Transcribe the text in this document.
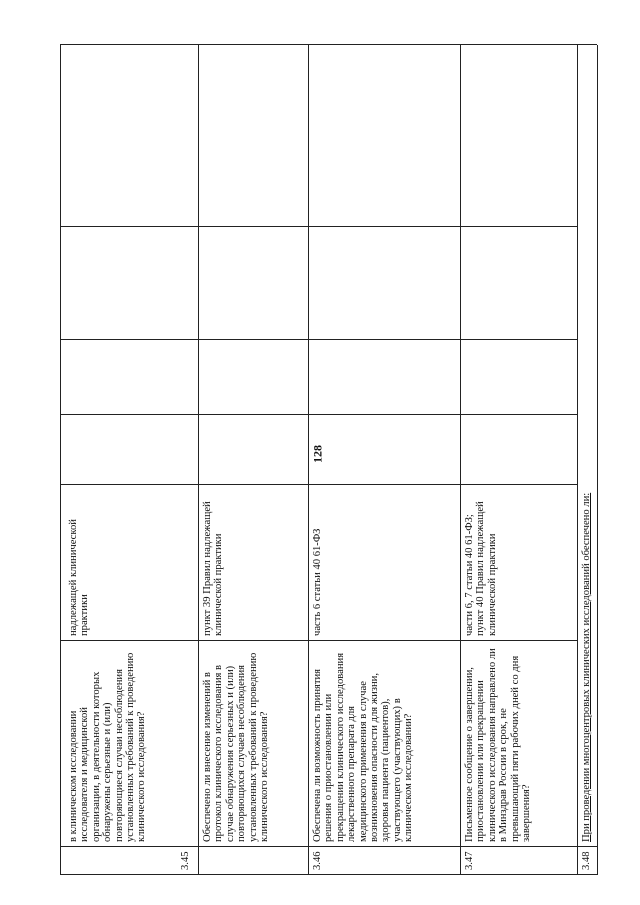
128
в клиническом исследовании исследователя и медицинской организации, в деятельности которых обнаружены серьезные и (или) повторяющиеся случаи несоблюдения установленных требований к проведению клинического исследования?
надлежащей клинической практики
3.45
Обеспечено ли внесение изменений в протокол клинического исследования в случае обнаружения серьезных и (или) повторяющихся случаев несоблюдения установленных требований к проведению клинического исследования?
пункт 39 Правил надлежащей клинической практики
3.46
Обеспечена ли возможность принятия решения о приостановлении или прекращении клинического исследования лекарственного препарата для медицинского применения в случае возникновения опасности для жизни, здоровья пациента (пациентов), участвующего (участвующих) в клиническом исследовании?
часть 6 статьи 40 61-ФЗ
3.47
Письменное сообщение о завершении, приостановлении или прекращении клинического исследования направлено ли в Минздрав России в срок, не превышающий пяти рабочих дней со дня завершения?
части 6, 7 статьи 40 61-ФЗ; пункт 40 Правил надлежащей клинической практики
3.48
При проведении многоцентровых клинических исследований обеспечено ли:
